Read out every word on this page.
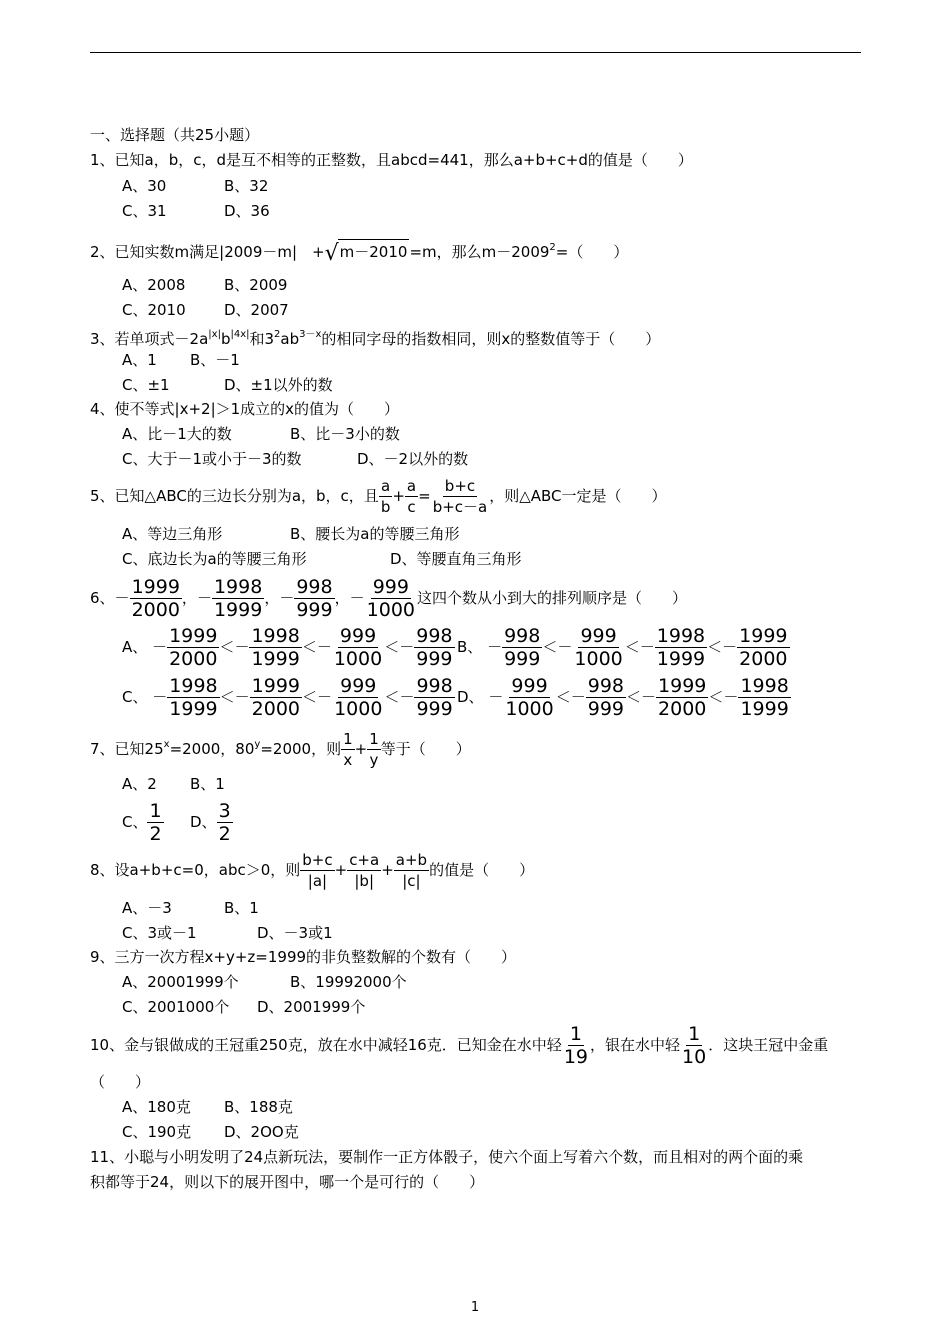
一、选择题（共25小题）
1、已知a，b，c，d是互不相等的正整数，且abcd=441，那么a+b+c+d的值是（　　）
A、30	B、32
C、31	D、36
2、已知实数m满足|2009－m|　+√m－2010 =m，那么$m-2009^2=$（　　）
A、2008	B、2009
C、2010	D、2007
3、若单项式$-2a^{|x|}b^{|4x|}$和$3^2ab^{3-x}$的相同字母的指数相同，则x的整数值等于（　　）
A、1 B、－1
C、±1	D、±1以外的数
4、使不等式|x+2|＞1成立的x的值为（　　）
A、比－1大的数	B、比－3小的数
C、大于－1或小于－3的数	D、－2以外的数
5、已知△ABC的三边长分别为a，b，c，且 $\frac{a}{b} + \frac{a}{c} = \frac{b+c}{b+c-a}$ ，则△ABC一定是（　　）
A、等边三角形	B、腰长为a的等腰三角形
C、底边长为a的等腰三角形	D、等腰直角三角形
6、－ $\frac{1999}{2000}$ ，－ $\frac{1998}{1999}$ ，－ $\frac{998}{999}$ ，－ $\frac{999}{1000}$ 这四个数从小到大的排列顺序是（　　）
A、 － $\frac{1999}{2000} <- \frac{1998}{1999} <- \frac{999}{1000} <- \frac{998}{999}$ B、 － $\frac{998}{999} <- \frac{999}{1000} <- \frac{1998}{1999} <- \frac{1999}{2000}$
C、 － $\frac{1998}{1999} <- \frac{1999}{2000} <- \frac{999}{1000} <- \frac{998}{999}$ D、 － $\frac{999}{1000} <- \frac{998}{999} <- \frac{1999}{2000} <- \frac{1998}{1999}$
7、已知$25^x=2000$，$80^y=2000$，则 $\frac{1}{x} + \frac{1}{y}$ 等于（　　）
A、2 B、1
C、 $\frac{1}{2}$ D、 $\frac{3}{2}$
8、设a+b+c=0，abc＞0，则 $\frac{b+c}{|a|} + \frac{c+a}{|b|} + \frac{a+b}{|c|}$ 的值是（　　）
A、－3	B、1
C、3或－1	D、－3或1
9、三方一次方程x+y+z=1999的非负整数解的个数有（　　）
A、20001999个	B、19992000个
C、2001000个 D、2001999个
10、金与银做成的王冠重250克，放在水中减轻16克．已知金在水中轻 $\frac{1}{19}$ ，银在水中轻 $\frac{1}{10}$ ．这块王冠中金重
（　　）
A、180克 B、188克
C、190克 D、2OO克
11、小聪与小明发明了24点新玩法，要制作一正方体骰子，使六个面上写着六个数，而且相对的两个面的乘
积都等于24，则以下的展开图中，哪一个是可行的（　　）
1
